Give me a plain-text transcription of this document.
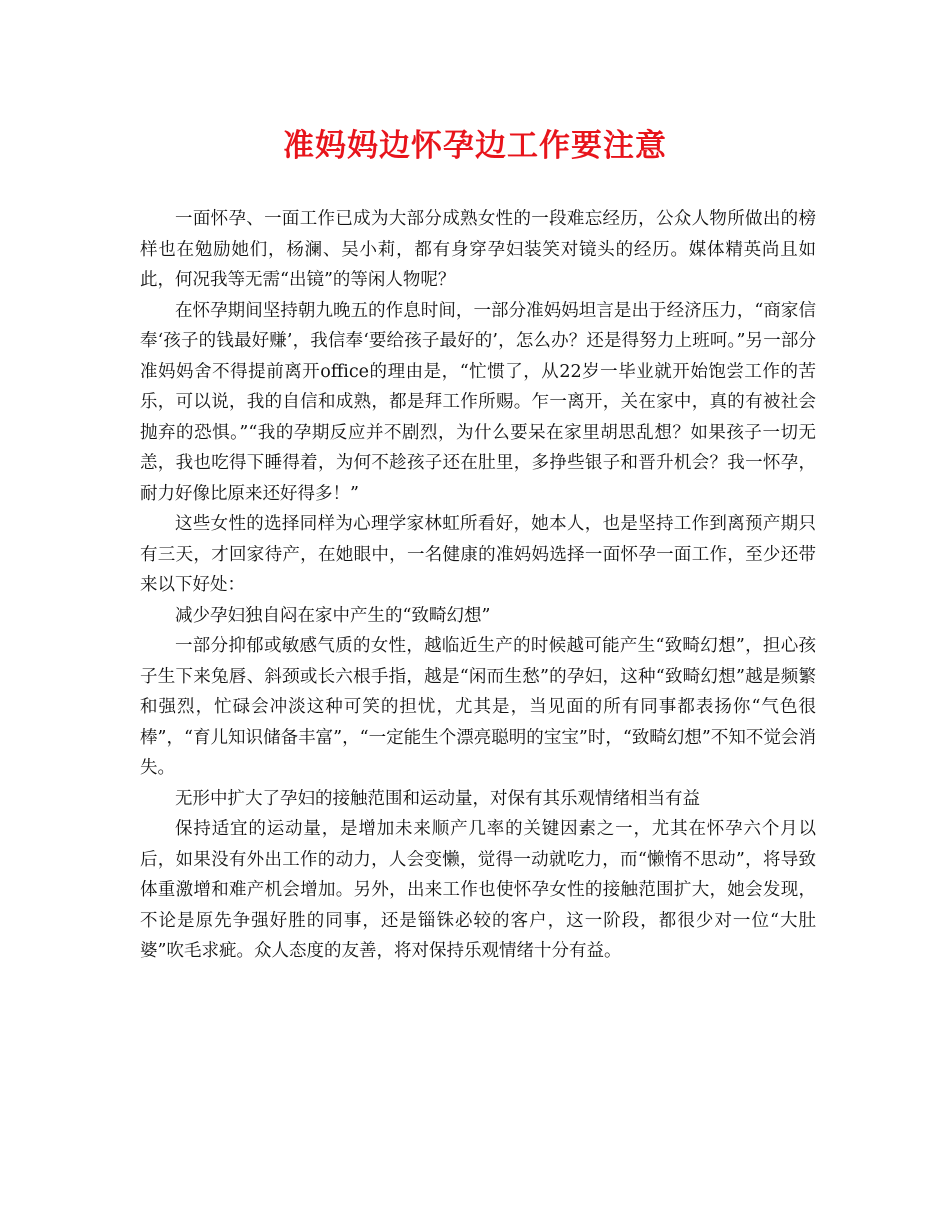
准妈妈边怀孕边工作要注意

一面怀孕、一面工作已成为大部分成熟女性的一段难忘经历，公众人物所做出的榜样也在勉励她们，杨澜、吴小莉，都有身穿孕妇装笑对镜头的经历。媒体精英尚且如此，何况我等无需“出镜”的等闲人物呢？

在怀孕期间坚持朝九晚五的作息时间，一部分准妈妈坦言是出于经济压力，“商家信奉‘孩子的钱最好赚’，我信奉‘要给孩子最好的’，怎么办？还是得努力上班呵。”另一部分准妈妈舍不得提前离开office的理由是，“忙惯了，从22岁一毕业就开始饱尝工作的苦乐，可以说，我的自信和成熟，都是拜工作所赐。乍一离开，关在家中，真的有被社会抛弃的恐惧。”“我的孕期反应并不剧烈，为什么要呆在家里胡思乱想？如果孩子一切无恙，我也吃得下睡得着，为何不趁孩子还在肚里，多挣些银子和晋升机会？我一怀孕，耐力好像比原来还好得多！”

这些女性的选择同样为心理学家林虹所看好，她本人，也是坚持工作到离预产期只有三天，才回家待产，在她眼中，一名健康的准妈妈选择一面怀孕一面工作，至少还带来以下好处：

减少孕妇独自闷在家中产生的“致畸幻想”

一部分抑郁或敏感气质的女性，越临近生产的时候越可能产生“致畸幻想”，担心孩子生下来兔唇、斜颈或长六根手指，越是“闲而生愁”的孕妇，这种“致畸幻想”越是频繁和强烈，忙碌会冲淡这种可笑的担忧，尤其是，当见面的所有同事都表扬你“气色很棒”，“育儿知识储备丰富”，“一定能生个漂亮聪明的宝宝”时，“致畸幻想”不知不觉会消失。

无形中扩大了孕妇的接触范围和运动量，对保有其乐观情绪相当有益

保持适宜的运动量，是增加未来顺产几率的关键因素之一，尤其在怀孕六个月以后，如果没有外出工作的动力，人会变懒，觉得一动就吃力，而“懒惰不思动”，将导致体重激增和难产机会增加。另外，出来工作也使怀孕女性的接触范围扩大，她会发现，不论是原先争强好胜的同事，还是锱铢必较的客户，这一阶段，都很少对一位“大肚婆”吹毛求疵。众人态度的友善，将对保持乐观情绪十分有益。
